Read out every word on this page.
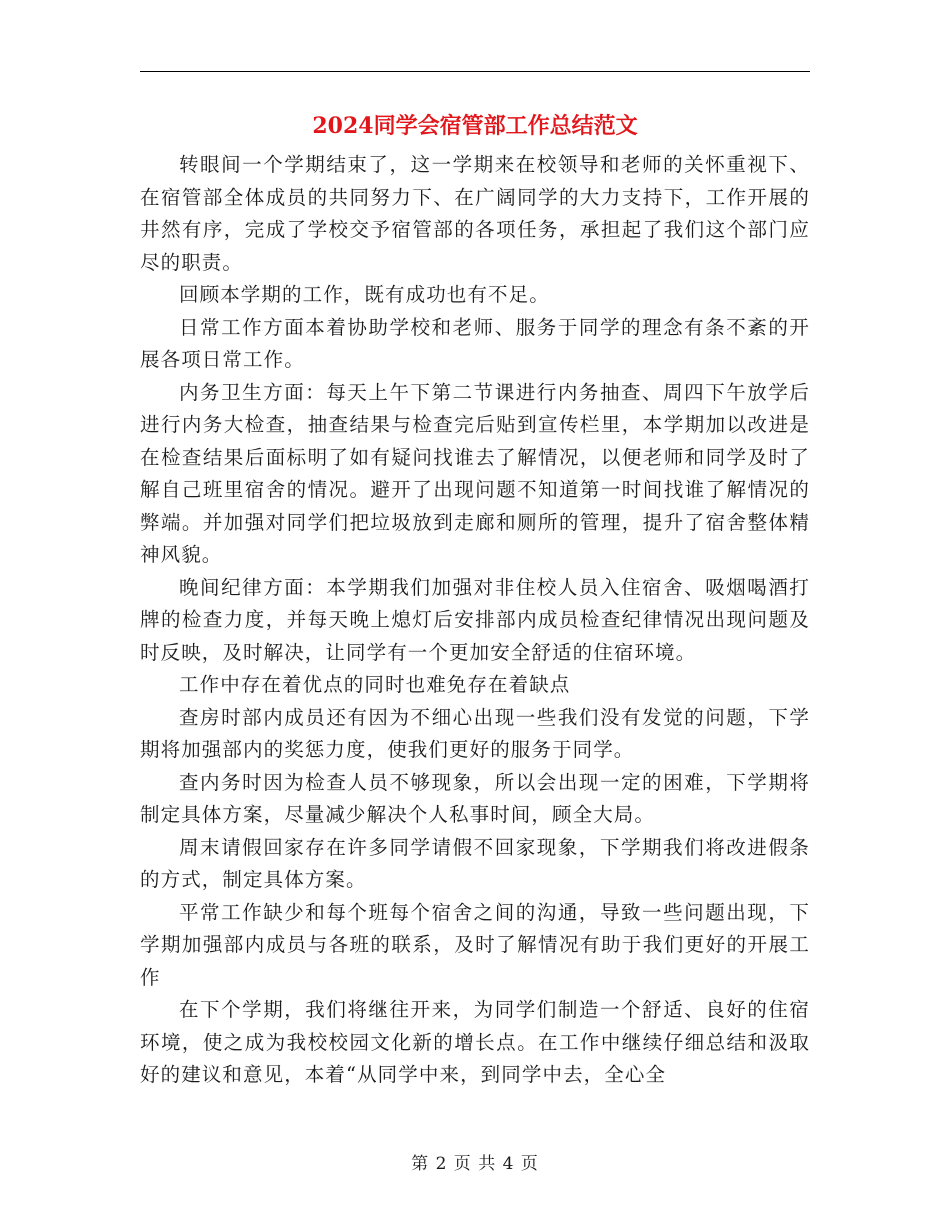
2024同学会宿管部工作总结范文

转眼间一个学期结束了，这一学期来在校领导和老师的关怀重视下、在宿管部全体成员的共同努力下、在广阔同学的大力支持下，工作开展的井然有序，完成了学校交予宿管部的各项任务，承担起了我们这个部门应尽的职责。

回顾本学期的工作，既有成功也有不足。

日常工作方面本着协助学校和老师、服务于同学的理念有条不紊的开展各项日常工作。

内务卫生方面：每天上午下第二节课进行内务抽查、周四下午放学后进行内务大检查，抽查结果与检查完后贴到宣传栏里，本学期加以改进是在检查结果后面标明了如有疑问找谁去了解情况，以便老师和同学及时了解自己班里宿舍的情况。避开了出现问题不知道第一时间找谁了解情况的弊端。并加强对同学们把垃圾放到走廊和厕所的管理，提升了宿舍整体精神风貌。

晚间纪律方面：本学期我们加强对非住校人员入住宿舍、吸烟喝酒打牌的检查力度，并每天晚上熄灯后安排部内成员检查纪律情况出现问题及时反映，及时解决，让同学有一个更加安全舒适的住宿环境。

工作中存在着优点的同时也难免存在着缺点

查房时部内成员还有因为不细心出现一些我们没有发觉的问题，下学期将加强部内的奖惩力度，使我们更好的服务于同学。

查内务时因为检查人员不够现象，所以会出现一定的困难，下学期将制定具体方案，尽量减少解决个人私事时间，顾全大局。

周末请假回家存在许多同学请假不回家现象，下学期我们将改进假条的方式，制定具体方案。

平常工作缺少和每个班每个宿舍之间的沟通，导致一些问题出现，下学期加强部内成员与各班的联系，及时了解情况有助于我们更好的开展工作

在下个学期，我们将继往开来，为同学们制造一个舒适、良好的住宿环境，使之成为我校校园文化新的增长点。在工作中继续仔细总结和汲取好的建议和意见，本着“从同学中来，到同学中去，全心全

第 2 页 共 4 页
